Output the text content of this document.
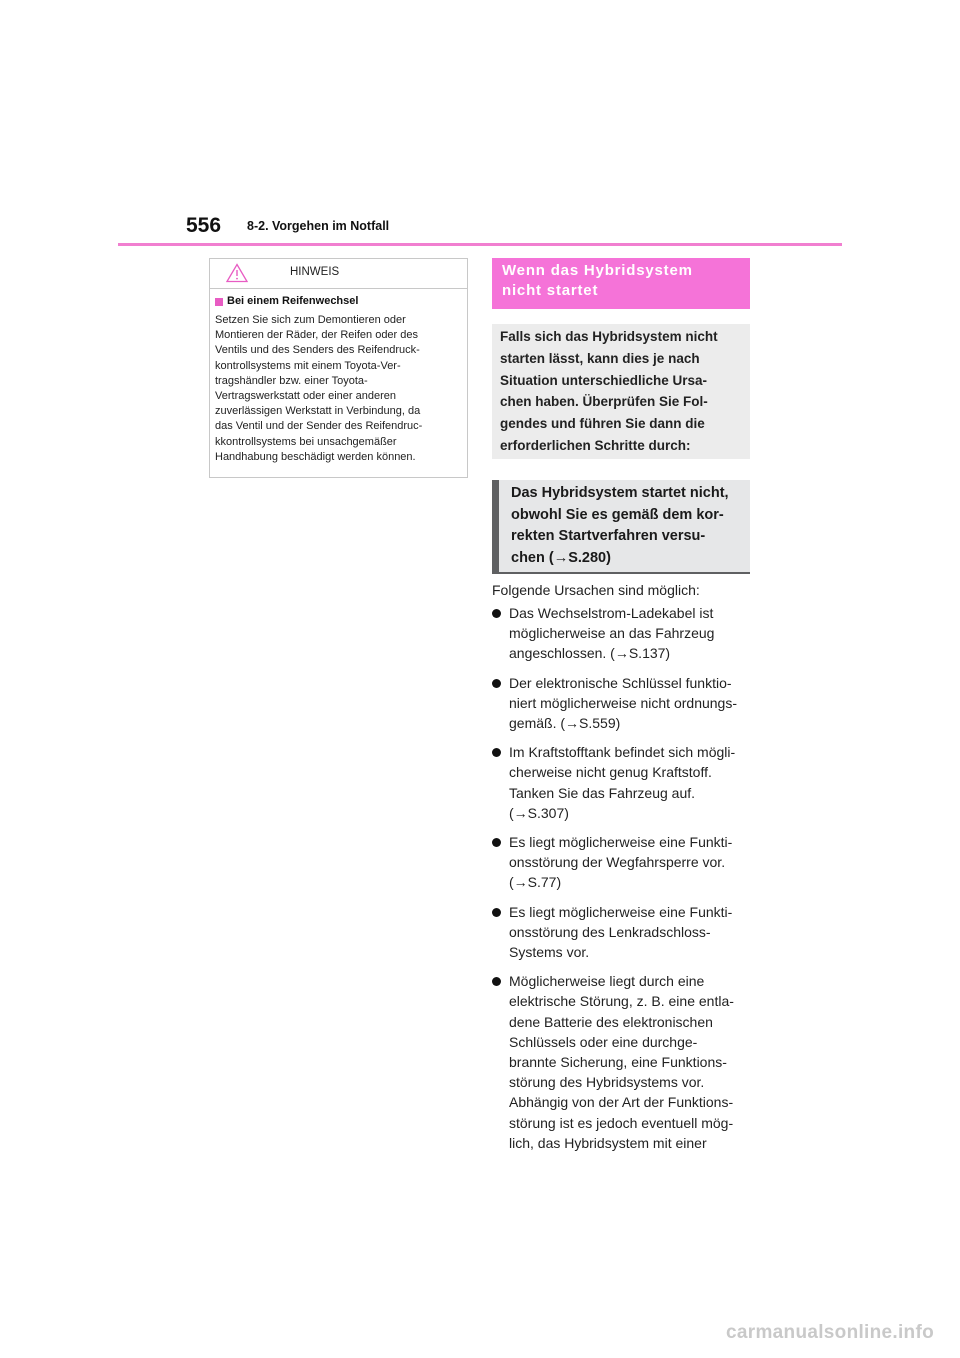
556 8-2. Vorgehen im Notfall
HINWEIS
Bei einem Reifenwechsel
Setzen Sie sich zum Demontieren oder
Montieren der Räder, der Reifen oder des
Ventils und des Senders des Reifendruck-
kontrollsystems mit einem Toyota-Ver-
tragshändler bzw. einer Toyota-
Vertragswerkstatt oder einer anderen
zuverlässigen Werkstatt in Verbindung, da
das Ventil und der Sender des Reifendruc-
kkontrollsystems bei unsachgemäßer
Handhabung beschädigt werden können.
Wenn das Hybridsystem
nicht startet
Falls sich das Hybridsystem nicht
starten lässt, kann dies je nach
Situation unterschiedliche Ursa-
chen haben. Überprüfen Sie Fol-
gendes und führen Sie dann die
erforderlichen Schritte durch:
Das Hybridsystem startet nicht,
obwohl Sie es gemäß dem kor-
rekten Startverfahren versu-
chen (→S.280)
Folgende Ursachen sind möglich:
Das Wechselstrom-Ladekabel ist
möglicherweise an das Fahrzeug
angeschlossen. (→S.137)
Der elektronische Schlüssel funktio-
niert möglicherweise nicht ordnungs-
gemäß. (→S.559)
Im Kraftstofftank befindet sich mögli-
cherweise nicht genug Kraftstoff.
Tanken Sie das Fahrzeug auf.
(→S.307)
Es liegt möglicherweise eine Funkti-
onsstörung der Wegfahrsperre vor.
(→S.77)
Es liegt möglicherweise eine Funkti-
onsstörung des Lenkradschloss-
Systems vor.
Möglicherweise liegt durch eine
elektrische Störung, z. B. eine entla-
dene Batterie des elektronischen
Schlüssels oder eine durchge-
brannte Sicherung, eine Funktions-
störung des Hybridsystems vor.
Abhängig von der Art der Funktions-
störung ist es jedoch eventuell mög-
lich, das Hybridsystem mit einer
carmanualsonline.info
